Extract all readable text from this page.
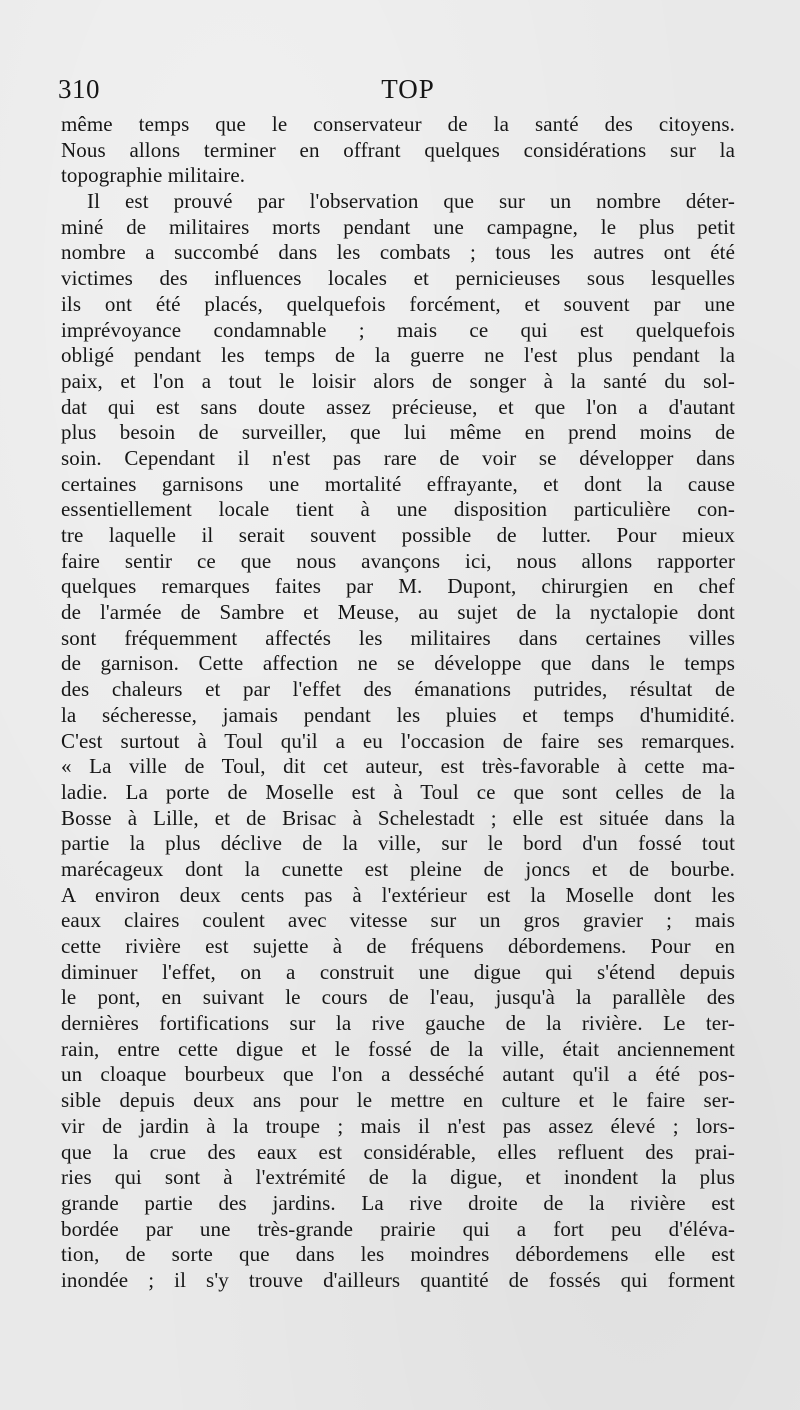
310	TOP
même temps que le conservateur de la santé des citoyens.
Nous allons terminer en offrant quelques considérations sur la
topographie militaire.
Il est prouvé par l'observation que sur un nombre déter-
miné de militaires morts pendant une campagne, le plus petit
nombre a succombé dans les combats ; tous les autres ont été
victimes des influences locales et pernicieuses sous lesquelles
ils ont été placés, quelquefois forcément, et souvent par une
imprévoyance condamnable ; mais ce qui est quelquefois
obligé pendant les temps de la guerre ne l'est plus pendant la
paix, et l'on a tout le loisir alors de songer à la santé du sol-
dat qui est sans doute assez précieuse, et que l'on a d'autant
plus besoin de surveiller, que lui même en prend moins de
soin. Cependant il n'est pas rare de voir se développer dans
certaines garnisons une mortalité effrayante, et dont la cause
essentiellement locale tient à une disposition particulière con-
tre laquelle il serait souvent possible de lutter. Pour mieux
faire sentir ce que nous avançons ici, nous allons rapporter
quelques remarques faites par M. Dupont, chirurgien en chef
de l'armée de Sambre et Meuse, au sujet de la nyctalopie dont
sont fréquemment affectés les militaires dans certaines villes
de garnison. Cette affection ne se développe que dans le temps
des chaleurs et par l'effet des émanations putrides, résultat de
la sécheresse, jamais pendant les pluies et temps d'humidité.
C'est surtout à Toul qu'il a eu l'occasion de faire ses remarques.
« La ville de Toul, dit cet auteur, est très-favorable à cette ma-
ladie. La porte de Moselle est à Toul ce que sont celles de la
Bosse à Lille, et de Brisac à Schelestadt ; elle est située dans la
partie la plus déclive de la ville, sur le bord d'un fossé tout
marécageux dont la cunette est pleine de joncs et de bourbe.
A environ deux cents pas à l'extérieur est la Moselle dont les
eaux claires coulent avec vitesse sur un gros gravier ; mais
cette rivière est sujette à de fréquens débordemens. Pour en
diminuer l'effet, on a construit une digue qui s'étend depuis
le pont, en suivant le cours de l'eau, jusqu'à la parallèle des
dernières fortifications sur la rive gauche de la rivière. Le ter-
rain, entre cette digue et le fossé de la ville, était anciennement
un cloaque bourbeux que l'on a desséché autant qu'il a été pos-
sible depuis deux ans pour le mettre en culture et le faire ser-
vir de jardin à la troupe ; mais il n'est pas assez élevé ; lors-
que la crue des eaux est considérable, elles refluent des prai-
ries qui sont à l'extrémité de la digue, et inondent la plus
grande partie des jardins. La rive droite de la rivière est
bordée par une très-grande prairie qui a fort peu d'éléva-
tion, de sorte que dans les moindres débordemens elle est
inondée ; il s'y trouve d'ailleurs quantité de fossés qui forment
